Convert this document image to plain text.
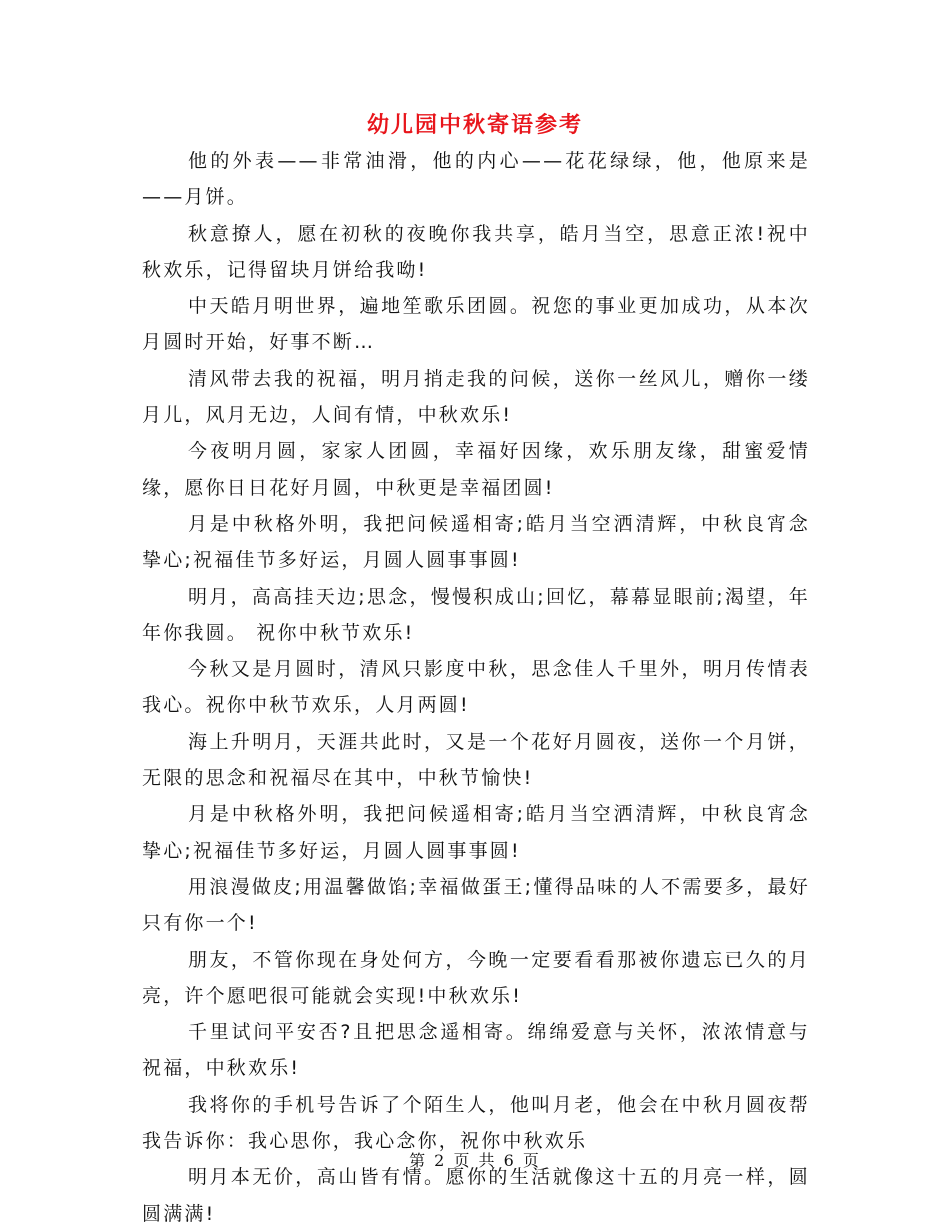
幼儿园中秋寄语参考

他的外表——非常油滑，他的内心——花花绿绿，他，他原来是——月饼。

秋意撩人，愿在初秋的夜晚你我共享，皓月当空，思意正浓!祝中秋欢乐，记得留块月饼给我呦!

中天皓月明世界，遍地笙歌乐团圆。祝您的事业更加成功，从本次月圆时开始，好事不断…

清风带去我的祝福，明月捎走我的问候，送你一丝风儿，赠你一缕月儿，风月无边，人间有情，中秋欢乐!

今夜明月圆，家家人团圆，幸福好因缘，欢乐朋友缘，甜蜜爱情缘，愿你日日花好月圆，中秋更是幸福团圆!

月是中秋格外明，我把问候遥相寄;皓月当空洒清辉，中秋良宵念挚心;祝福佳节多好运，月圆人圆事事圆!

明月，高高挂天边;思念，慢慢积成山;回忆，幕幕显眼前;渴望，年年你我圆。 祝你中秋节欢乐!

今秋又是月圆时，清风只影度中秋，思念佳人千里外，明月传情表我心。祝你中秋节欢乐，人月两圆!

海上升明月，天涯共此时，又是一个花好月圆夜，送你一个月饼，无限的思念和祝福尽在其中，中秋节愉快!

月是中秋格外明，我把问候遥相寄;皓月当空洒清辉，中秋良宵念挚心;祝福佳节多好运，月圆人圆事事圆!

用浪漫做皮;用温馨做馅;幸福做蛋王;懂得品味的人不需要多，最好只有你一个!

朋友，不管你现在身处何方，今晚一定要看看那被你遗忘已久的月亮，许个愿吧很可能就会实现!中秋欢乐!

千里试问平安否?且把思念遥相寄。绵绵爱意与关怀，浓浓情意与祝福，中秋欢乐!

我将你的手机号告诉了个陌生人，他叫月老，他会在中秋月圆夜帮我告诉你：我心思你，我心念你，祝你中秋欢乐

明月本无价，高山皆有情。愿你的生活就像这十五的月亮一样，圆圆满满!

第 2 页 共 6 页
